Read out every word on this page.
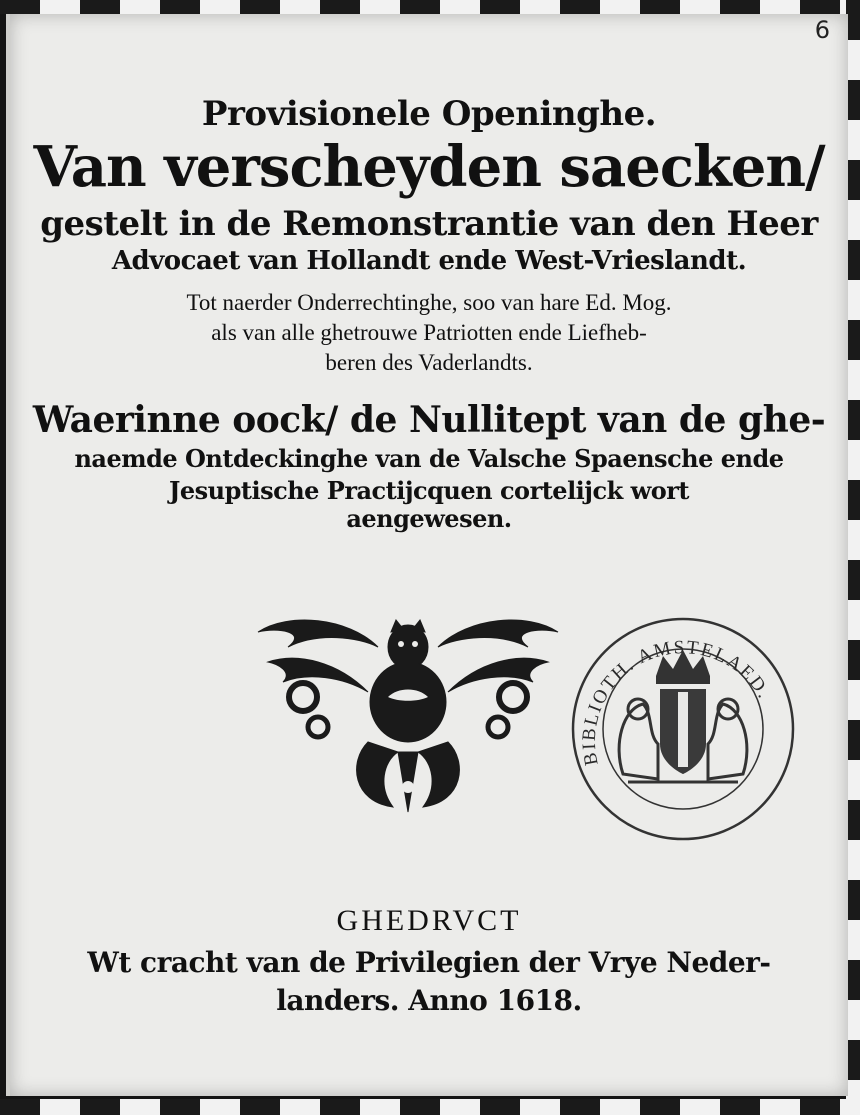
6
Provisionele Openinghe.
Van verscheyden saecken/
gestelt in de Remonstrantie van den Heer
Advocaet van Hollandt ende West-Vrieslandt.
Tot naerder Onderrechtinghe, soo van hare Ed. Mog.
als van alle ghetrouwe Patriotten ende Liefheb-
beren des Vaderlandts.
Waerinne oock/ de Nullitept van de ghe-
naemde Ontdeckinghe van de Valsche Spaensche ende
Jesuptische Practijcquen cortelijck wort
aengewesen.
BIBLIOTH. AMSTELAED.
✕
✕
✕
GHEDRVCT
Wt cracht van de Privilegien der Vrye Neder-
landers. Anno 1618.
